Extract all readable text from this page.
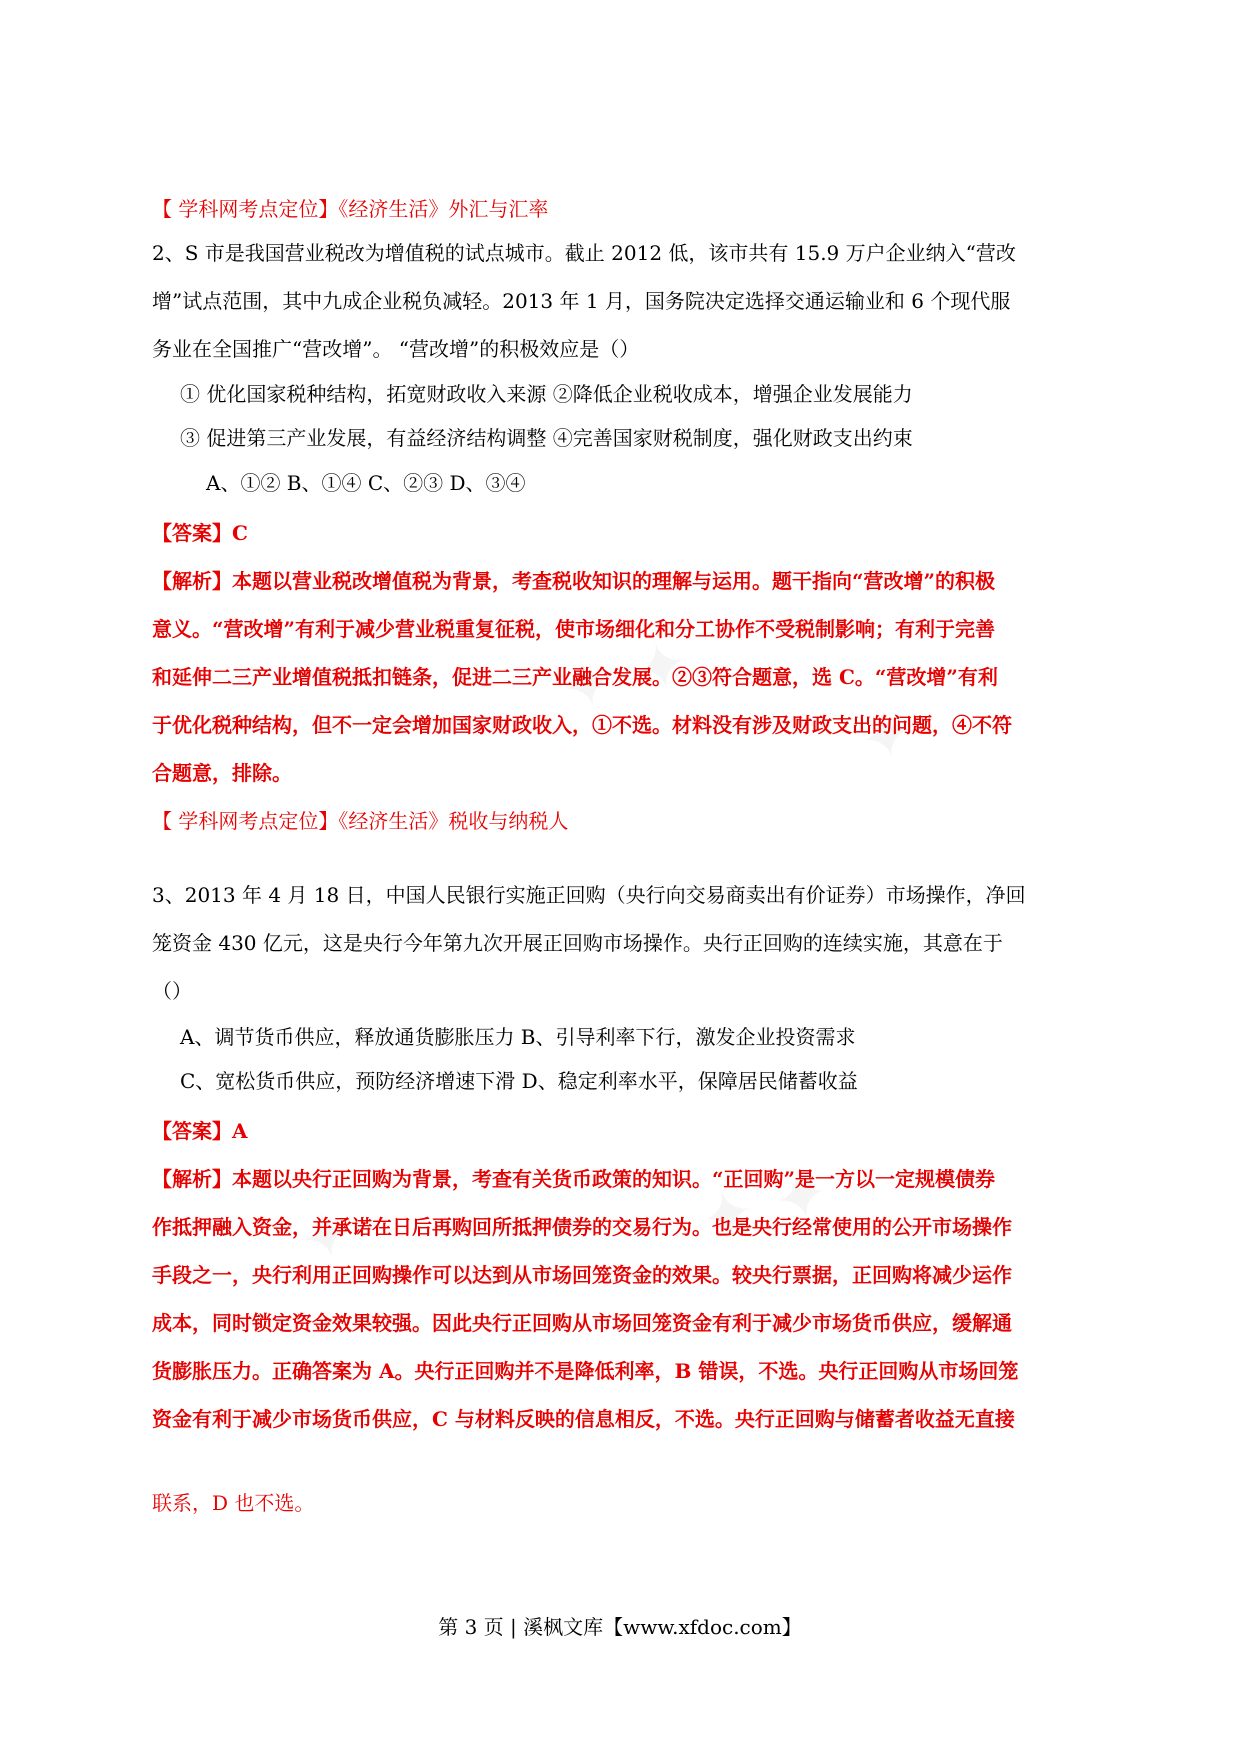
✦ ✦
✦
✦	✦ ✦
【 学科网考点定位】《经济生活》外汇与汇率
2、S 市是我国营业税改为增值税的试点城市。截止 2012 低，该市共有 15.9 万户企业纳入“营改
增”试点范围，其中九成企业税负减轻。2013 年 1 月，国务院决定选择交通运输业和 6 个现代服
务业在全国推广“营改增”。 “营改增”的积极效应是（）
① 优化国家税种结构，拓宽财政收入来源 ②降低企业税收成本，增强企业发展能力
③ 促进第三产业发展，有益经济结构调整 ④完善国家财税制度，强化财政支出约束
A、①② B、①④ C、②③ D、③④
【答案】C
【解析】本题以营业税改增值税为背景，考查税收知识的理解与运用。题干指向“营改增”的积极
意义。“营改增”有利于减少营业税重复征税，使市场细化和分工协作不受税制影响；有利于完善
和延伸二三产业增值税抵扣链条，促进二三产业融合发展。②③符合题意，选 C。“营改增”有利
于优化税种结构，但不一定会增加国家财政收入，①不选。材料没有涉及财政支出的问题，④不符
合题意，排除。
【 学科网考点定位】《经济生活》税收与纳税人
3、2013 年 4 月 18 日，中国人民银行实施正回购（央行向交易商卖出有价证券）市场操作，净回
笼资金 430 亿元，这是央行今年第九次开展正回购市场操作。央行正回购的连续实施，其意在于
（）
A、调节货币供应，释放通货膨胀压力 B、引导利率下行，激发企业投资需求
C、宽松货币供应，预防经济增速下滑 D、稳定利率水平，保障居民储蓄收益
【答案】A
【解析】本题以央行正回购为背景，考查有关货币政策的知识。“正回购”是一方以一定规模债券
作抵押融入资金，并承诺在日后再购回所抵押债券的交易行为。也是央行经常使用的公开市场操作
手段之一，央行利用正回购操作可以达到从市场回笼资金的效果。较央行票据，正回购将减少运作
成本，同时锁定资金效果较强。因此央行正回购从市场回笼资金有利于减少市场货币供应，缓解通
货膨胀压力。正确答案为 A。央行正回购并不是降低利率，B 错误，不选。央行正回购从市场回笼
资金有利于减少市场货币供应，C 与材料反映的信息相反，不选。央行正回购与储蓄者收益无直接
联系，D 也不选。
第 3 页 | 溪枫文库【www.xfdoc.com】
